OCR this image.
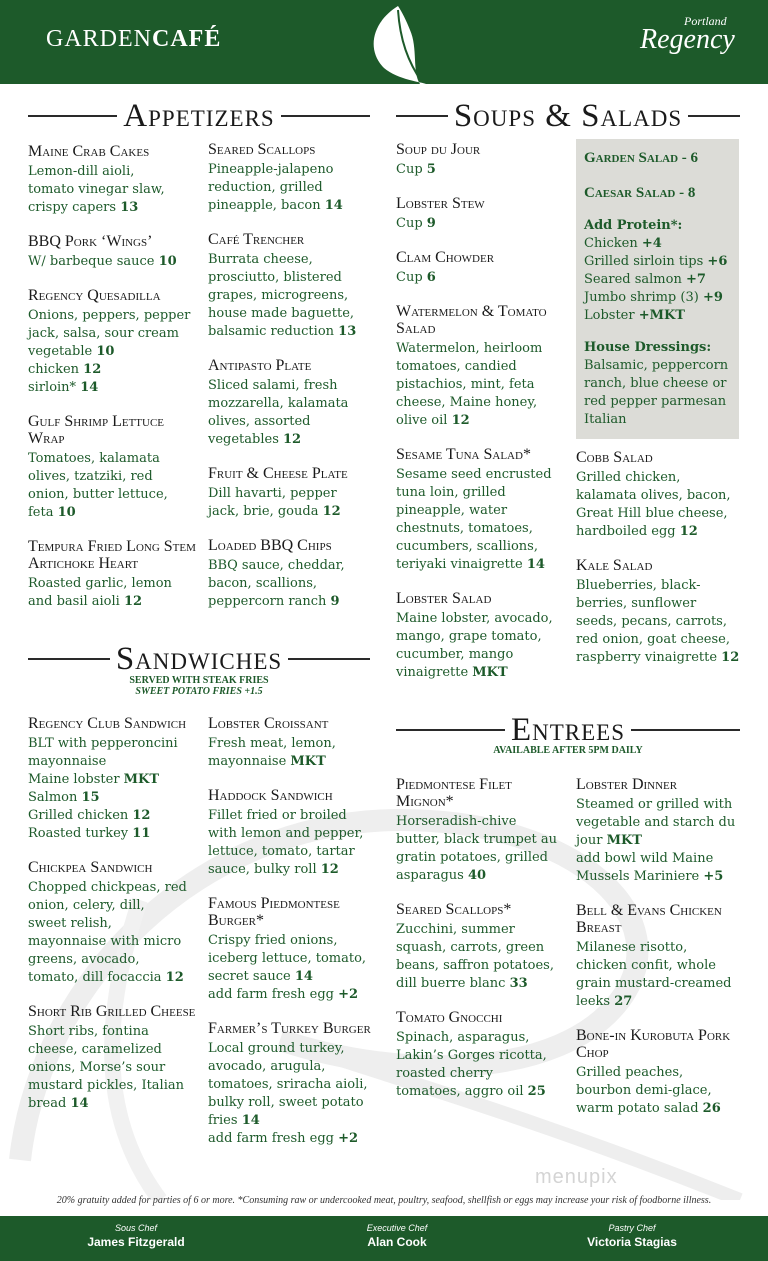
GARDENCAFÉ
Portland
Regency
Appetizers	Soups & Salads
Sandwiches
SERVED WITH STEAK FRIES
SWEET POTATO FRIES +1.5
Entrees
AVAILABLE AFTER 5PM DAILY
Maine Crab Cakes
Lemon-dill aioli,
tomato vinegar slaw,
crispy capers 13
BBQ Pork ‘Wings’
W/ barbeque sauce 10
Regency Quesadilla
Onions, peppers, pepper
jack, salsa, sour cream
vegetable 10
chicken 12
sirloin* 14
Gulf Shrimp Lettuce Wrap
Tomatoes, kalamata
olives, tzatziki, red
onion, butter lettuce,
feta 10
Tempura Fried Long Stem Artichoke Heart
Roasted garlic, lemon
and basil aioli 12
Seared Scallops
Pineapple-jalapeno
reduction, grilled
pineapple, bacon 14
Café Trencher
Burrata cheese,
prosciutto, blistered
grapes, microgreens,
house made baguette,
balsamic reduction 13
Antipasto Plate
Sliced salami, fresh
mozzarella, kalamata
olives, assorted
vegetables 12
Fruit & Cheese Plate
Dill havarti, pepper
jack, brie, gouda 12
Loaded BBQ Chips
BBQ sauce, cheddar,
bacon, scallions,
peppercorn ranch 9
Regency Club Sandwich
BLT with pepperoncini
mayonnaise
Maine lobster MKT
Salmon 15
Grilled chicken 12
Roasted turkey 11
Chickpea Sandwich
Chopped chickpeas, red
onion, celery, dill,
sweet relish,
mayonnaise with micro
greens, avocado,
tomato, dill focaccia 12
Short Rib Grilled Cheese
Short ribs, fontina
cheese, caramelized
onions, Morse’s sour
mustard pickles, Italian
bread 14
Lobster Croissant
Fresh meat, lemon,
mayonnaise MKT
Haddock Sandwich
Fillet fried or broiled
with lemon and pepper,
lettuce, tomato, tartar
sauce, bulky roll 12
Famous Piedmontese Burger*
Crispy fried onions,
iceberg lettuce, tomato,
secret sauce 14
add farm fresh egg +2
Farmer’s Turkey Burger
Local ground turkey,
avocado, arugula,
tomatoes, sriracha aioli,
bulky roll, sweet potato
fries 14
add farm fresh egg +2
Soup du Jour
Cup 5
Lobster Stew
Cup 9
Clam Chowder
Cup 6
Watermelon & Tomato Salad
Watermelon, heirloom
tomatoes, candied
pistachios, mint, feta
cheese, Maine honey,
olive oil 12
Sesame Tuna Salad*
Sesame seed encrusted
tuna loin, grilled
pineapple, water
chestnuts, tomatoes,
cucumbers, scallions,
teriyaki vinaigrette 14
Lobster Salad
Maine lobster, avocado,
mango, grape tomato,
cucumber, mango
vinaigrette MKT
Cobb Salad
Grilled chicken,
kalamata olives, bacon,
Great Hill blue cheese,
hardboiled egg 12
Kale Salad
Blueberries, black-
berries, sunflower
seeds, pecans, carrots,
red onion, goat cheese,
raspberry vinaigrette 12
Piedmontese Filet Mignon*
Horseradish-chive
butter, black trumpet au
gratin potatoes, grilled
asparagus 40
Seared Scallops*
Zucchini, summer
squash, carrots, green
beans, saffron potatoes,
dill buerre blanc 33
Tomato Gnocchi
Spinach, asparagus,
Lakin’s Gorges ricotta,
roasted cherry
tomatoes, aggro oil 25
Lobster Dinner
Steamed or grilled with
vegetable and starch du
jour MKT
add bowl wild Maine
Mussels Mariniere +5
Bell & Evans Chicken Breast
Milanese risotto,
chicken confit, whole
grain mustard-creamed
leeks 27
Bone-in Kurobuta Pork Chop
Grilled peaches,
bourbon demi-glace,
warm potato salad 26
Garden Salad - 6
Caesar Salad - 8
Add Protein*:
Chicken +4
Grilled sirloin tips +6
Seared salmon +7
Jumbo shrimp (3) +9
Lobster +MKT
House Dressings:
Balsamic, peppercorn
ranch, blue cheese or
red pepper parmesan
Italian
menupix
20% gratuity added for parties of 6 or more. *Consuming raw or undercooked meat, poultry, seafood, shellfish or eggs may increase your risk of foodborne illness.
Sous Chef
James Fitzgerald
Executive Chef
Alan Cook
Pastry Chef
Victoria Stagias
